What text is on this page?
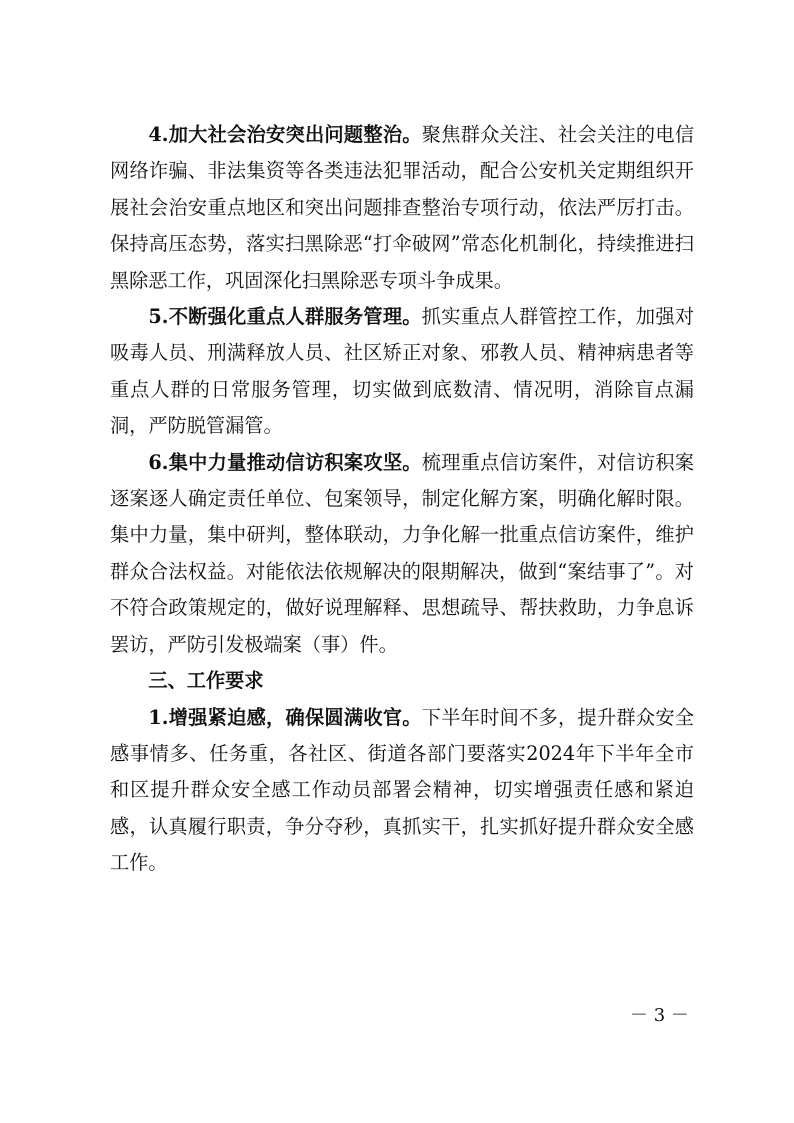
4.加大社会治安突出问题整治。聚焦群众关注、社会关注的电信网络诈骗、非法集资等各类违法犯罪活动，配合公安机关定期组织开展社会治安重点地区和突出问题排查整治专项行动，依法严厉打击。保持高压态势，落实扫黑除恶“打伞破网”常态化机制化，持续推进扫黑除恶工作，巩固深化扫黑除恶专项斗争成果。

5.不断强化重点人群服务管理。抓实重点人群管控工作，加强对吸毒人员、刑满释放人员、社区矫正对象、邪教人员、精神病患者等重点人群的日常服务管理，切实做到底数清、情况明，消除盲点漏洞，严防脱管漏管。

6.集中力量推动信访积案攻坚。梳理重点信访案件，对信访积案逐案逐人确定责任单位、包案领导，制定化解方案，明确化解时限。集中力量，集中研判，整体联动，力争化解一批重点信访案件，维护群众合法权益。对能依法依规解决的限期解决，做到“案结事了”。对不符合政策规定的，做好说理解释、思想疏导、帮扶救助，力争息诉罢访，严防引发极端案（事）件。

三、工作要求

1.增强紧迫感，确保圆满收官。下半年时间不多，提升群众安全感事情多、任务重，各社区、街道各部门要落实2024年下半年全市和区提升群众安全感工作动员部署会精神，切实增强责任感和紧迫感，认真履行职责，争分夺秒，真抓实干，扎实抓好提升群众安全感工作。

－ 3 －
